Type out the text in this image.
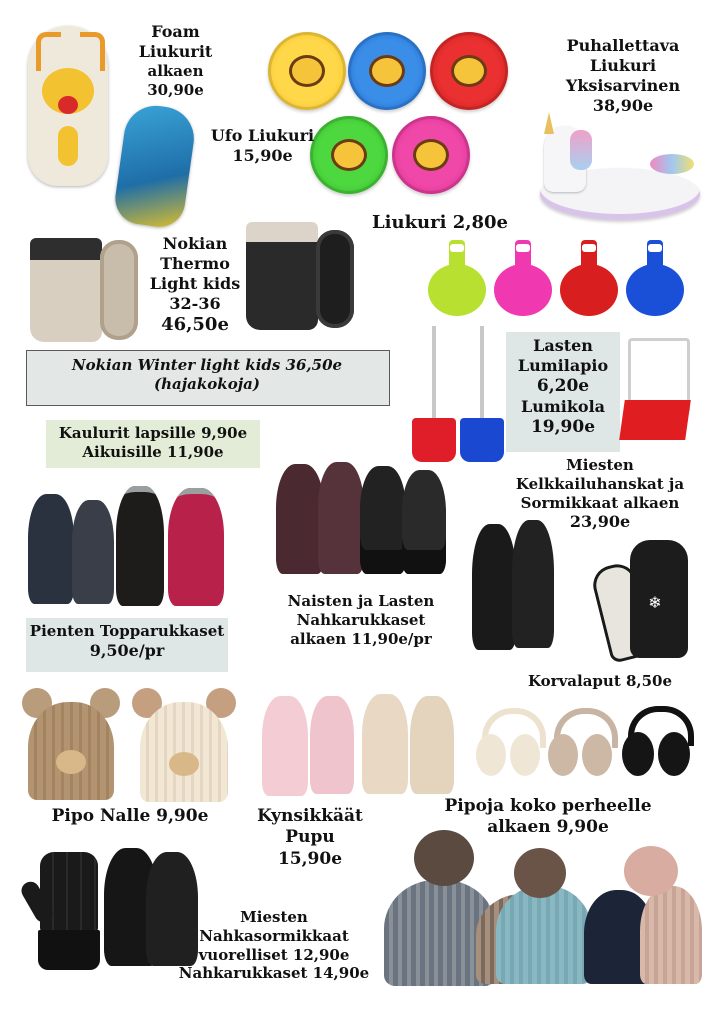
Foam
Liukurit
alkaen 30,90e
Ufo Liukuri
15,90e
Puhallettava
Liukuri
Yksisarvinen
38,90e
Liukuri 2,80e
Nokian
Thermo
Light kids
32-36
46,50e
Nokian Winter light kids 36,50e
(hajakokoja)
Lasten
Lumilapio
6,20e
Lumikola
19,90e
Kaulurit lapsille 9,90e
Aikuisille 11,90e
Miesten
Kelkkailuhanskat ja
Sormikkaat alkaen
23,90e
Pienten Topparukkaset
9,50e/pr
Naisten ja Lasten
Nahkarukkaset
alkaen 11,90e/pr
❄
Korvalaput 8,50e
Pipo Nalle 9,90e	Kynsikkäät
Pupu
15,90e
Pipoja koko perheelle
alkaen 9,90e
Miesten
Nahkasormikkaat
vuorelliset 12,90e
Nahkarukkaset 14,90e
